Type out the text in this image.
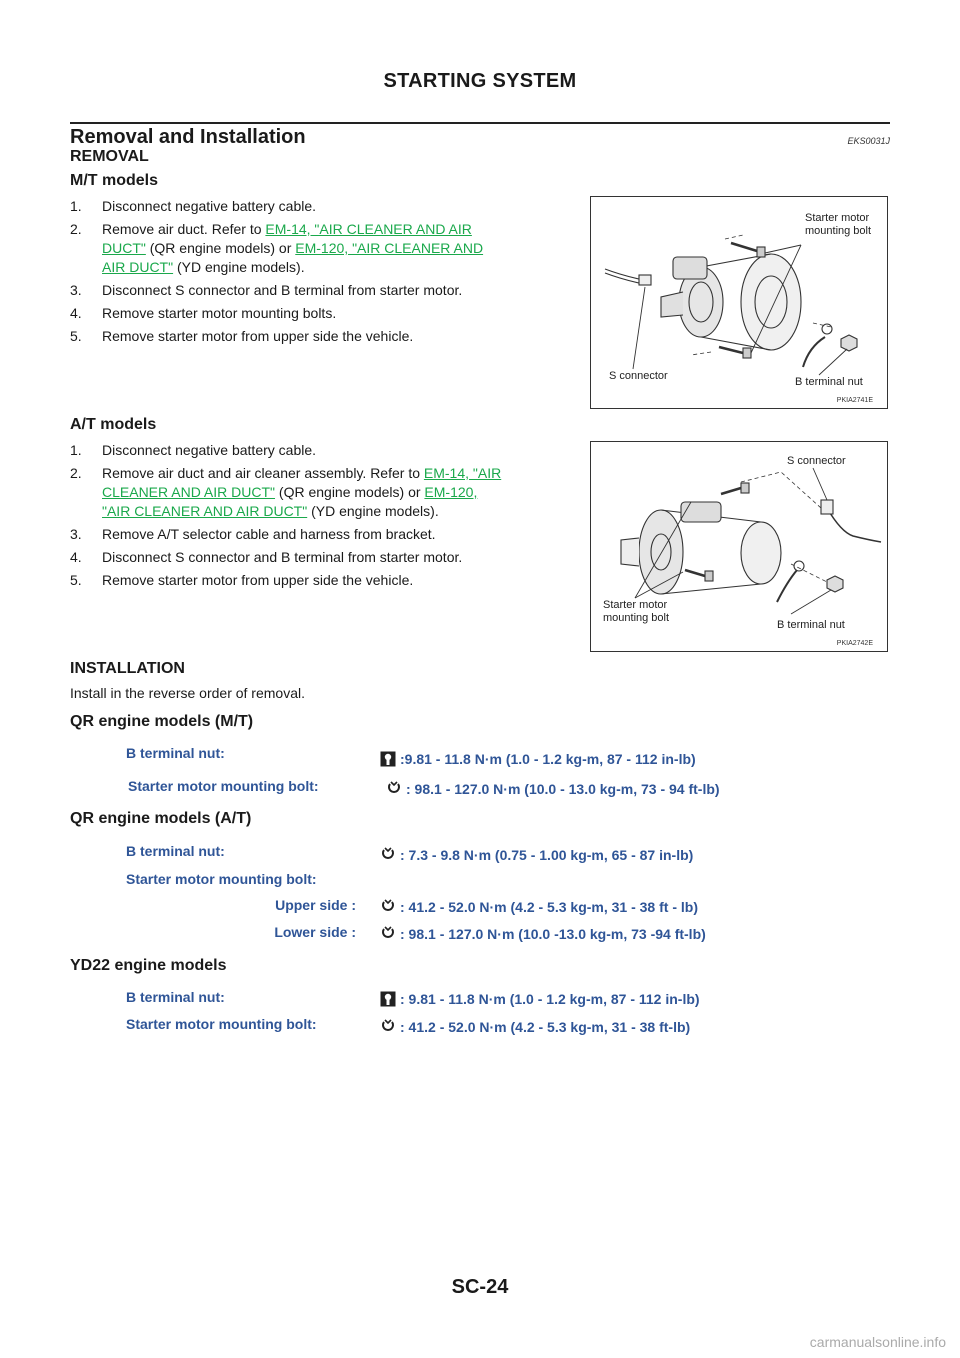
STARTING SYSTEM
Removal and Installation	EKS0031J
REMOVAL
M/T models
1. Disconnect negative battery cable.
2. Remove air duct. Refer to EM-14, "AIR CLEANER AND AIR
DUCT" (QR engine models) or EM-120, "AIR CLEANER AND
AIR DUCT" (YD engine models).
3. Disconnect S connector and B terminal from starter motor.
4. Remove starter motor mounting bolts.
5. Remove starter motor from upper side the vehicle.
Starter motor
mounting bolt
S connector	B terminal nut
PKIA2741E
A/T models
1. Disconnect negative battery cable.
2. Remove air duct and air cleaner assembly. Refer to EM-14, "AIR
CLEANER AND AIR DUCT" (QR engine models) or EM-120,
"AIR CLEANER AND AIR DUCT" (YD engine models).
3. Remove A/T selector cable and harness from bracket.
4. Disconnect S connector and B terminal from starter motor.
5. Remove starter motor from upper side the vehicle.
S connector
Starter motor
mounting bolt
B terminal nut
PKIA2742E
INSTALLATION
Install in the reverse order of removal.
QR engine models (M/T)
B terminal nut:	:9.81 - 11.8 N·m (1.0 - 1.2 kg-m, 87 - 112 in-lb)
Starter motor mounting bolt:	: 98.1 - 127.0 N·m (10.0 - 13.0 kg-m, 73 - 94 ft-lb)
QR engine models (A/T)
B terminal nut:	: 7.3 - 9.8 N·m (0.75 - 1.00 kg-m, 65 - 87 in-lb)
Starter motor mounting bolt:
Upper side :	: 41.2 - 52.0 N·m (4.2 - 5.3 kg-m, 31 - 38 ft - lb)
Lower side :	: 98.1 - 127.0 N·m (10.0 -13.0 kg-m, 73 -94 ft-lb)
YD22 engine models
B terminal nut:	: 9.81 - 11.8 N·m (1.0 - 1.2 kg-m, 87 - 112 in-lb)
Starter motor mounting bolt:	: 41.2 - 52.0 N·m (4.2 - 5.3 kg-m, 31 - 38 ft-lb)
SC-24
carmanualsonline.info
